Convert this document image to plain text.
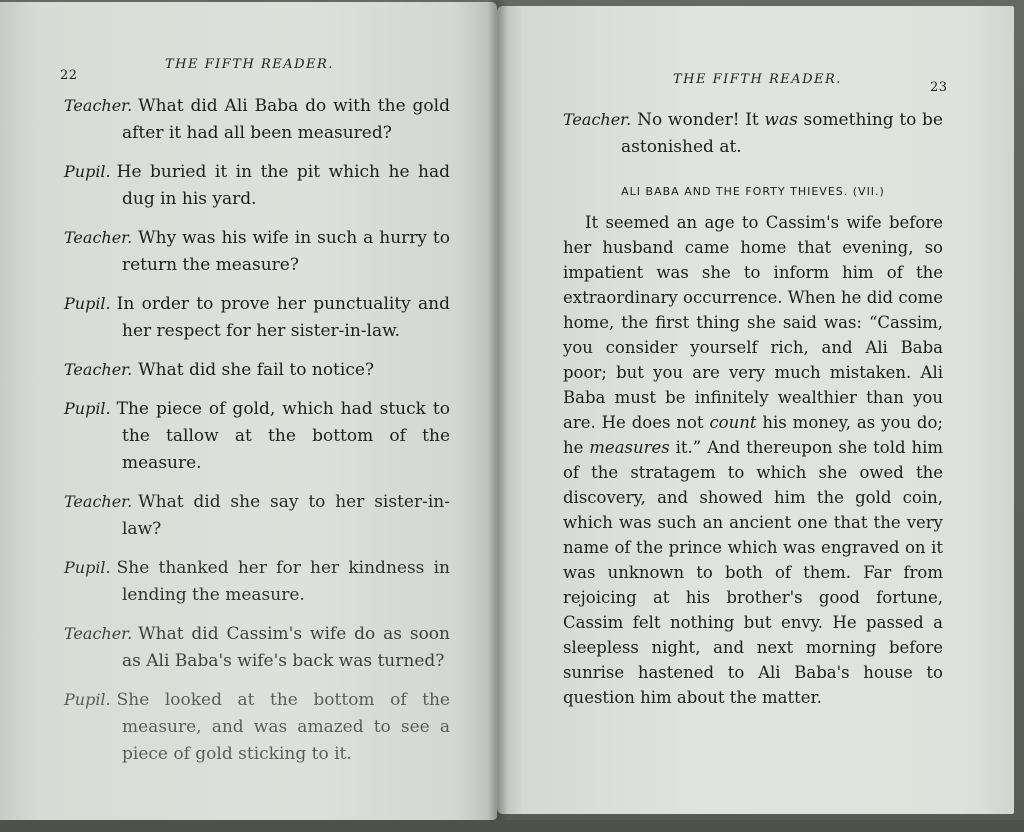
22
THE FIFTH READER.
Teacher. What did Ali Baba do with the gold after it had all been measured?
Pupil. He buried it in the pit which he had dug in his yard.
Teacher. Why was his wife in such a hurry to return the measure?
Pupil. In order to prove her punctuality and her respect for her sister-in-law.
Teacher. What did she fail to notice?
Pupil. The piece of gold, which had stuck to the tallow at the bottom of the measure.
Teacher. What did she say to her sister-in-law?
Pupil. She thanked her for her kindness in lending the measure.
Teacher. What did Cassim's wife do as soon as Ali Baba's wife's back was turned?
Pupil. She looked at the bottom of the measure, and was amazed to see a piece of gold sticking to it.
THE FIFTH READER.
23
Teacher. No wonder! It was something to be astonished at.
ALI BABA AND THE FORTY THIEVES. (VII.)

It seemed an age to Cassim's wife before her husband came home that evening, so impatient was she to inform him of the extraordinary occurrence. When he did come home, the first thing she said was: “Cassim, you consider yourself rich, and Ali Baba poor; but you are very much mistaken. Ali Baba must be infinitely wealthier than you are. He does not count his money, as you do; he measures it.” And thereupon she told him of the stratagem to which she owed the discovery, and showed him the gold coin, which was such an ancient one that the very name of the prince which was engraved on it was unknown to both of them. Far from rejoicing at his brother's good fortune, Cassim felt nothing but envy. He passed a sleepless night, and next morning before sunrise hastened to Ali Baba's house to question him about the matter.
